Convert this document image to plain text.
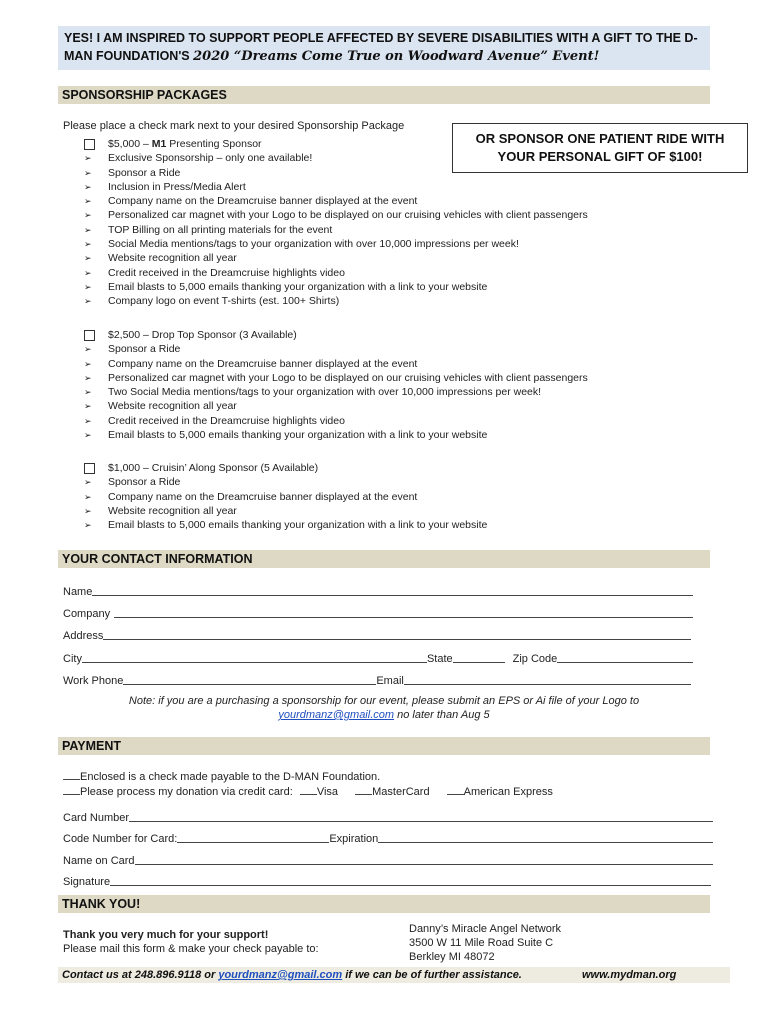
YES! I AM INSPIRED TO SUPPORT PEOPLE AFFECTED BY SEVERE DISABILITIES WITH A GIFT TO THE D-
MAN FOUNDATION'S 2020 “Dreams Come True on Woodward Avenue” Event!
SPONSORSHIP PACKAGES
Please place a check mark next to your desired Sponsorship Package
OR SPONSOR ONE PATIENT RIDE WITH
YOUR PERSONAL GIFT OF $100!
$5,000 – M1 Presenting Sponsor
➢	Exclusive Sponsorship – only one available!
➢	Sponsor a Ride
➢	Inclusion in Press/Media Alert
➢	Company name on the Dreamcruise banner displayed at the event
➢	Personalized car magnet with your Logo to be displayed on our cruising vehicles with client passengers
➢	TOP Billing on all printing materials for the event
➢	Social Media mentions/tags to your organization with over 10,000 impressions per week!
➢	Website recognition all year
➢	Credit received in the Dreamcruise highlights video
➢	Email blasts to 5,000 emails thanking your organization with a link to your website
➢	Company logo on event T-shirts (est. 100+ Shirts)
$2,500 – Drop Top Sponsor (3 Available)
➢	Sponsor a Ride
➢	Company name on the Dreamcruise banner displayed at the event
➢	Personalized car magnet with your Logo to be displayed on our cruising vehicles with client passengers
➢	Two Social Media mentions/tags to your organization with over 10,000 impressions per week!
➢	Website recognition all year
➢	Credit received in the Dreamcruise highlights video
➢	Email blasts to 5,000 emails thanking your organization with a link to your website
$1,000 – Cruisin’ Along Sponsor (5 Available)
➢	Sponsor a Ride
➢	Company name on the Dreamcruise banner displayed at the event
➢	Website recognition all year
➢	Email blasts to 5,000 emails thanking your organization with a link to your website
YOUR CONTACT INFORMATION
Name
Company
Address
City	State	Zip Code
Work Phone	Email
Note: if you are a purchasing a sponsorship for our event, please submit an EPS or Ai file of your Logo to
yourdmanz@gmail.com no later than Aug 5
PAYMENT
Enclosed is a check made payable to the D-MAN Foundation.
Please process my donation via credit card: Visa	MasterCard	American Express
Card Number
Code Number for Card:	Expiration
Name on Card
Signature
THANK YOU!
Thank you very much for your support!
Please mail this form & make your check payable to:
Danny’s Miracle Angel Network
3500 W 11 Mile Road Suite C
Berkley MI 48072
Contact us at 248.896.9118 or yourdmanz@gmail.com if we can be of further assistance.	www.mydman.org
